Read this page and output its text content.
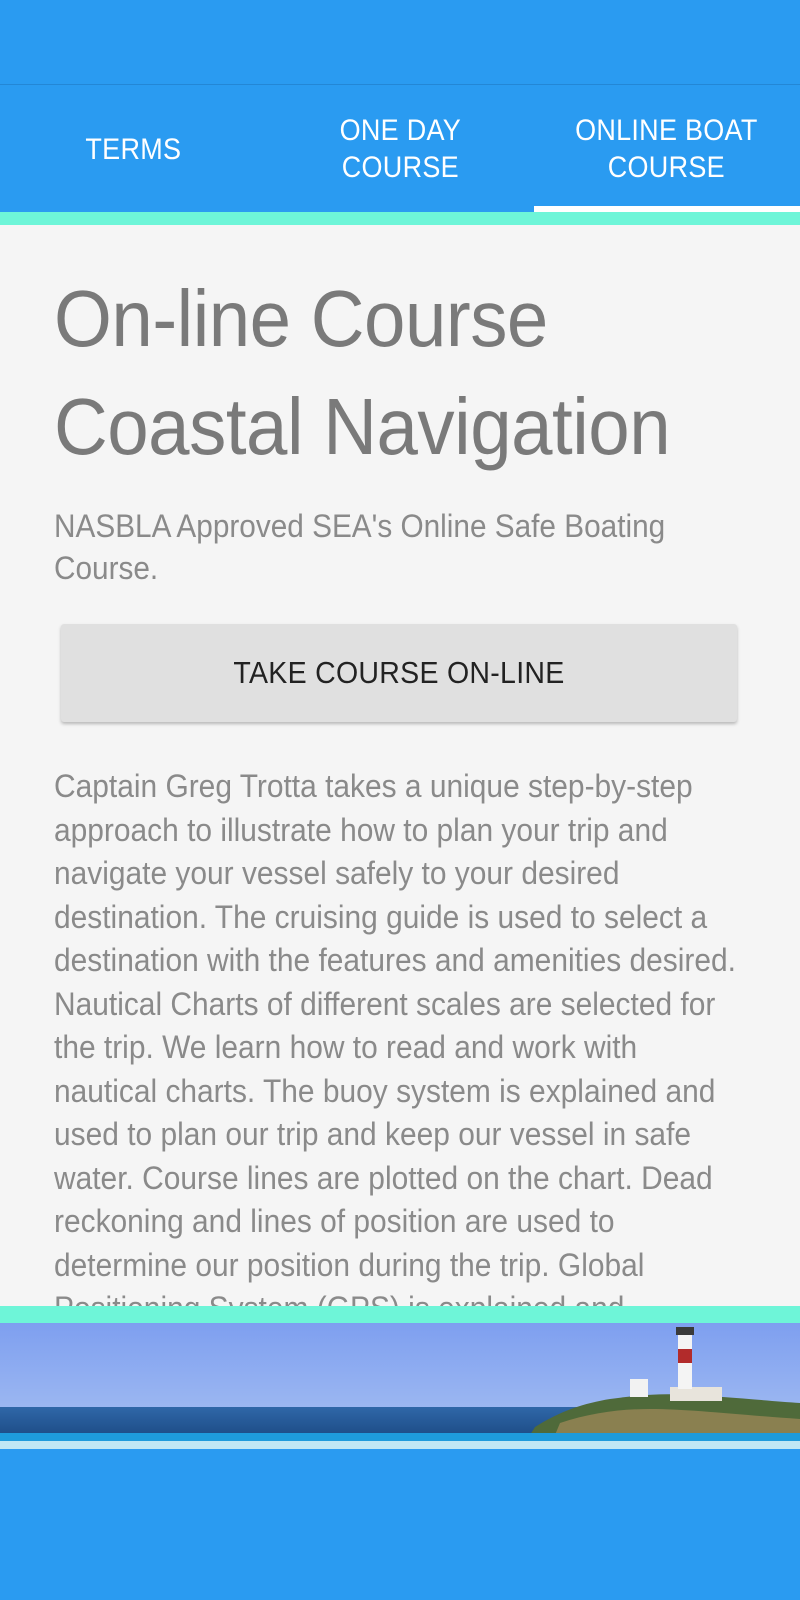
TERMS
ONE DAY
COURSE
ONLINE BOAT
COURSE
On-line Course Coastal Navigation

NASBLA Approved SEA's Online Safe Boating Course.

TAKE COURSE ON-LINE

Captain Greg Trotta takes a unique step-by-step approach to illustrate how to plan your trip and navigate your vessel safely to your desired destination. The cruising guide is used to select a destination with the features and amenities desired. Nautical Charts of different scales are selected for the trip. We learn how to read and work with nautical charts. The buoy system is explained and used to plan our trip and keep our vessel in safe water. Course lines are plotted on the chart. Dead reckoning and lines of position are used to determine our position during the trip. Global
